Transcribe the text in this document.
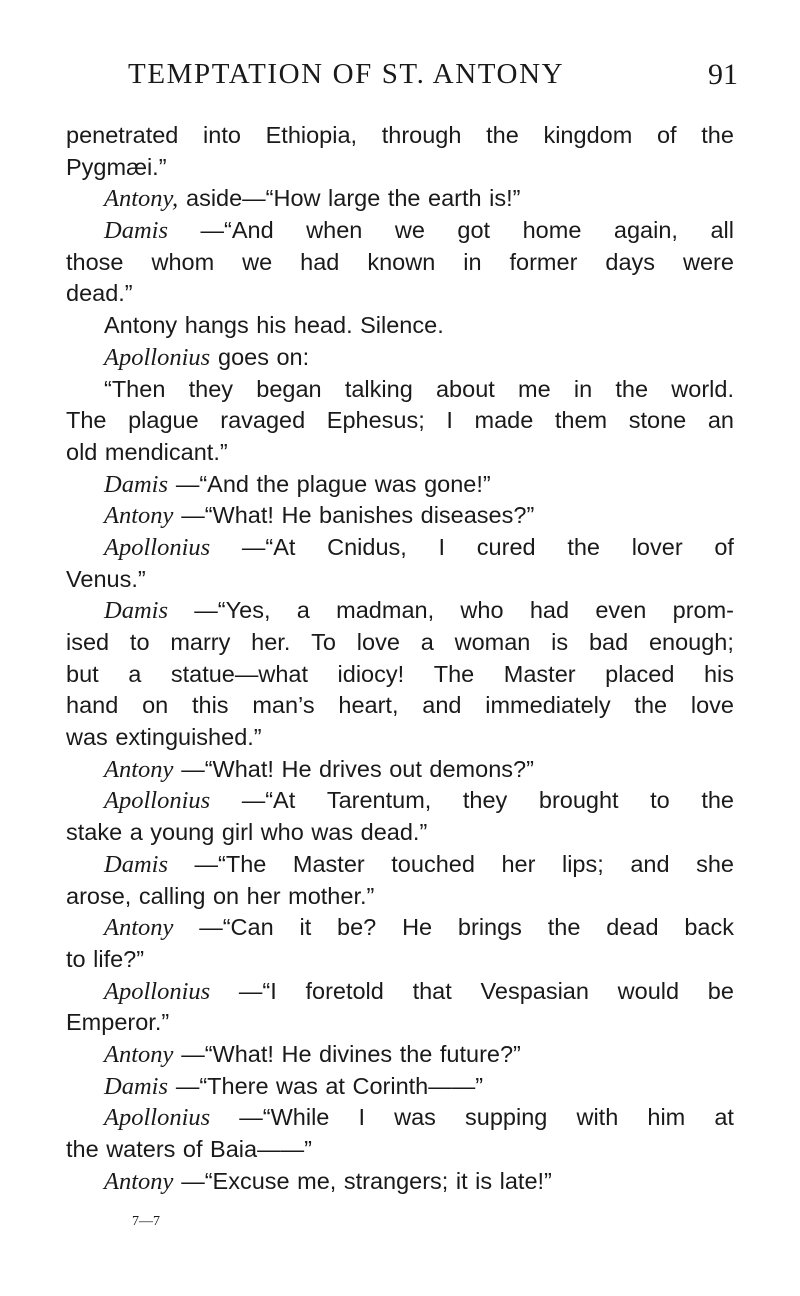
TEMPTATION OF ST. ANTONY	91
penetrated into Ethiopia, through the kingdom of the
Pygmæi.”
Antony, aside—“How large the earth is!”
Damis —“And when we got home again, all
those whom we had known in former days were
dead.”
Antony hangs his head. Silence.
Apollonius goes on:
“Then they began talking about me in the world.
The plague ravaged Ephesus; I made them stone an
old mendicant.”
Damis —“And the plague was gone!”
Antony —“What! He banishes diseases?”
Apollonius —“At Cnidus, I cured the lover of
Venus.”
Damis —“Yes, a madman, who had even prom-
ised to marry her. To love a woman is bad enough;
but a statue—what idiocy! The Master placed his
hand on this man’s heart, and immediately the love
was extinguished.”
Antony —“What! He drives out demons?”
Apollonius —“At Tarentum, they brought to the
stake a young girl who was dead.”
Damis —“The Master touched her lips; and she
arose, calling on her mother.”
Antony —“Can it be? He brings the dead back
to life?”
Apollonius —“I foretold that Vespasian would be
Emperor.”
Antony —“What! He divines the future?”
Damis —“There was at Corinth——”
Apollonius —“While I was supping with him at
the waters of Baia——”
Antony —“Excuse me, strangers; it is late!”
7—7
